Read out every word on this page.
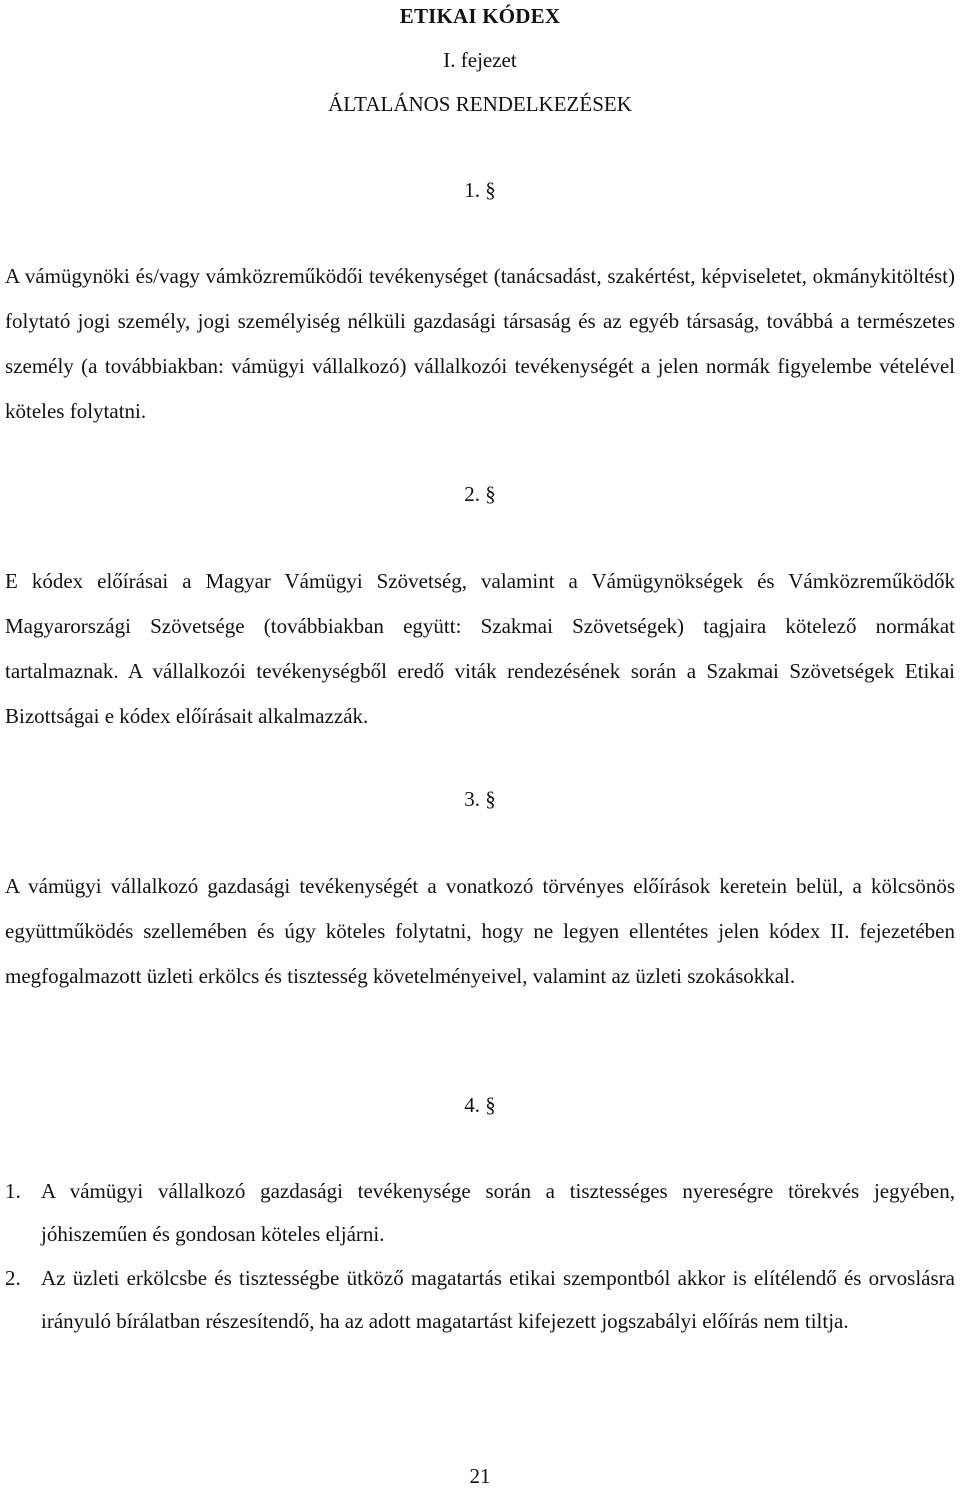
ETIKAI KÓDEX
I. fejezet
ÁLTALÁNOS RENDELKEZÉSEK
1. §

A vámügynöki és/vagy vámközreműködői tevékenységet (tanácsadást, szakértést, képviseletet, okmánykitöltést) folytató jogi személy, jogi személyiség nélküli gazdasági társaság és az egyéb társaság, továbbá a természetes személy (a továbbiakban: vámügyi vállalkozó) vállalkozói tevékenységét a jelen normák figyelembe vételével köteles folytatni.

2. §

E kódex előírásai a Magyar Vámügyi Szövetség, valamint a Vámügynökségek és Vámközreműködők Magyarországi Szövetsége (továbbiakban együtt: Szakmai Szövetségek) tagjaira kötelező normákat tartalmaznak. A vállalkozói tevékenységből eredő viták rendezésének során a Szakmai Szövetségek Etikai Bizottságai e kódex előírásait alkalmazzák.

3. §

A vámügyi vállalkozó gazdasági tevékenységét a vonatkozó törvényes előírások keretein belül, a kölcsönös együttműködés szellemében és úgy köteles folytatni, hogy ne legyen ellentétes jelen kódex II. fejezetében megfogalmazott üzleti erkölcs és tisztesség követelményeivel, valamint az üzleti szokásokkal.

4. §
1. A vámügyi vállalkozó gazdasági tevékenysége során a tisztességes nyereségre törekvés jegyében, jóhiszeműen és gondosan köteles eljárni.
2. Az üzleti erkölcsbe és tisztességbe ütköző magatartás etikai szempontból akkor is elítélendő és orvoslásra irányuló bírálatban részesítendő, ha az adott magatartást kifejezett jogszabályi előírás nem tiltja.
21
